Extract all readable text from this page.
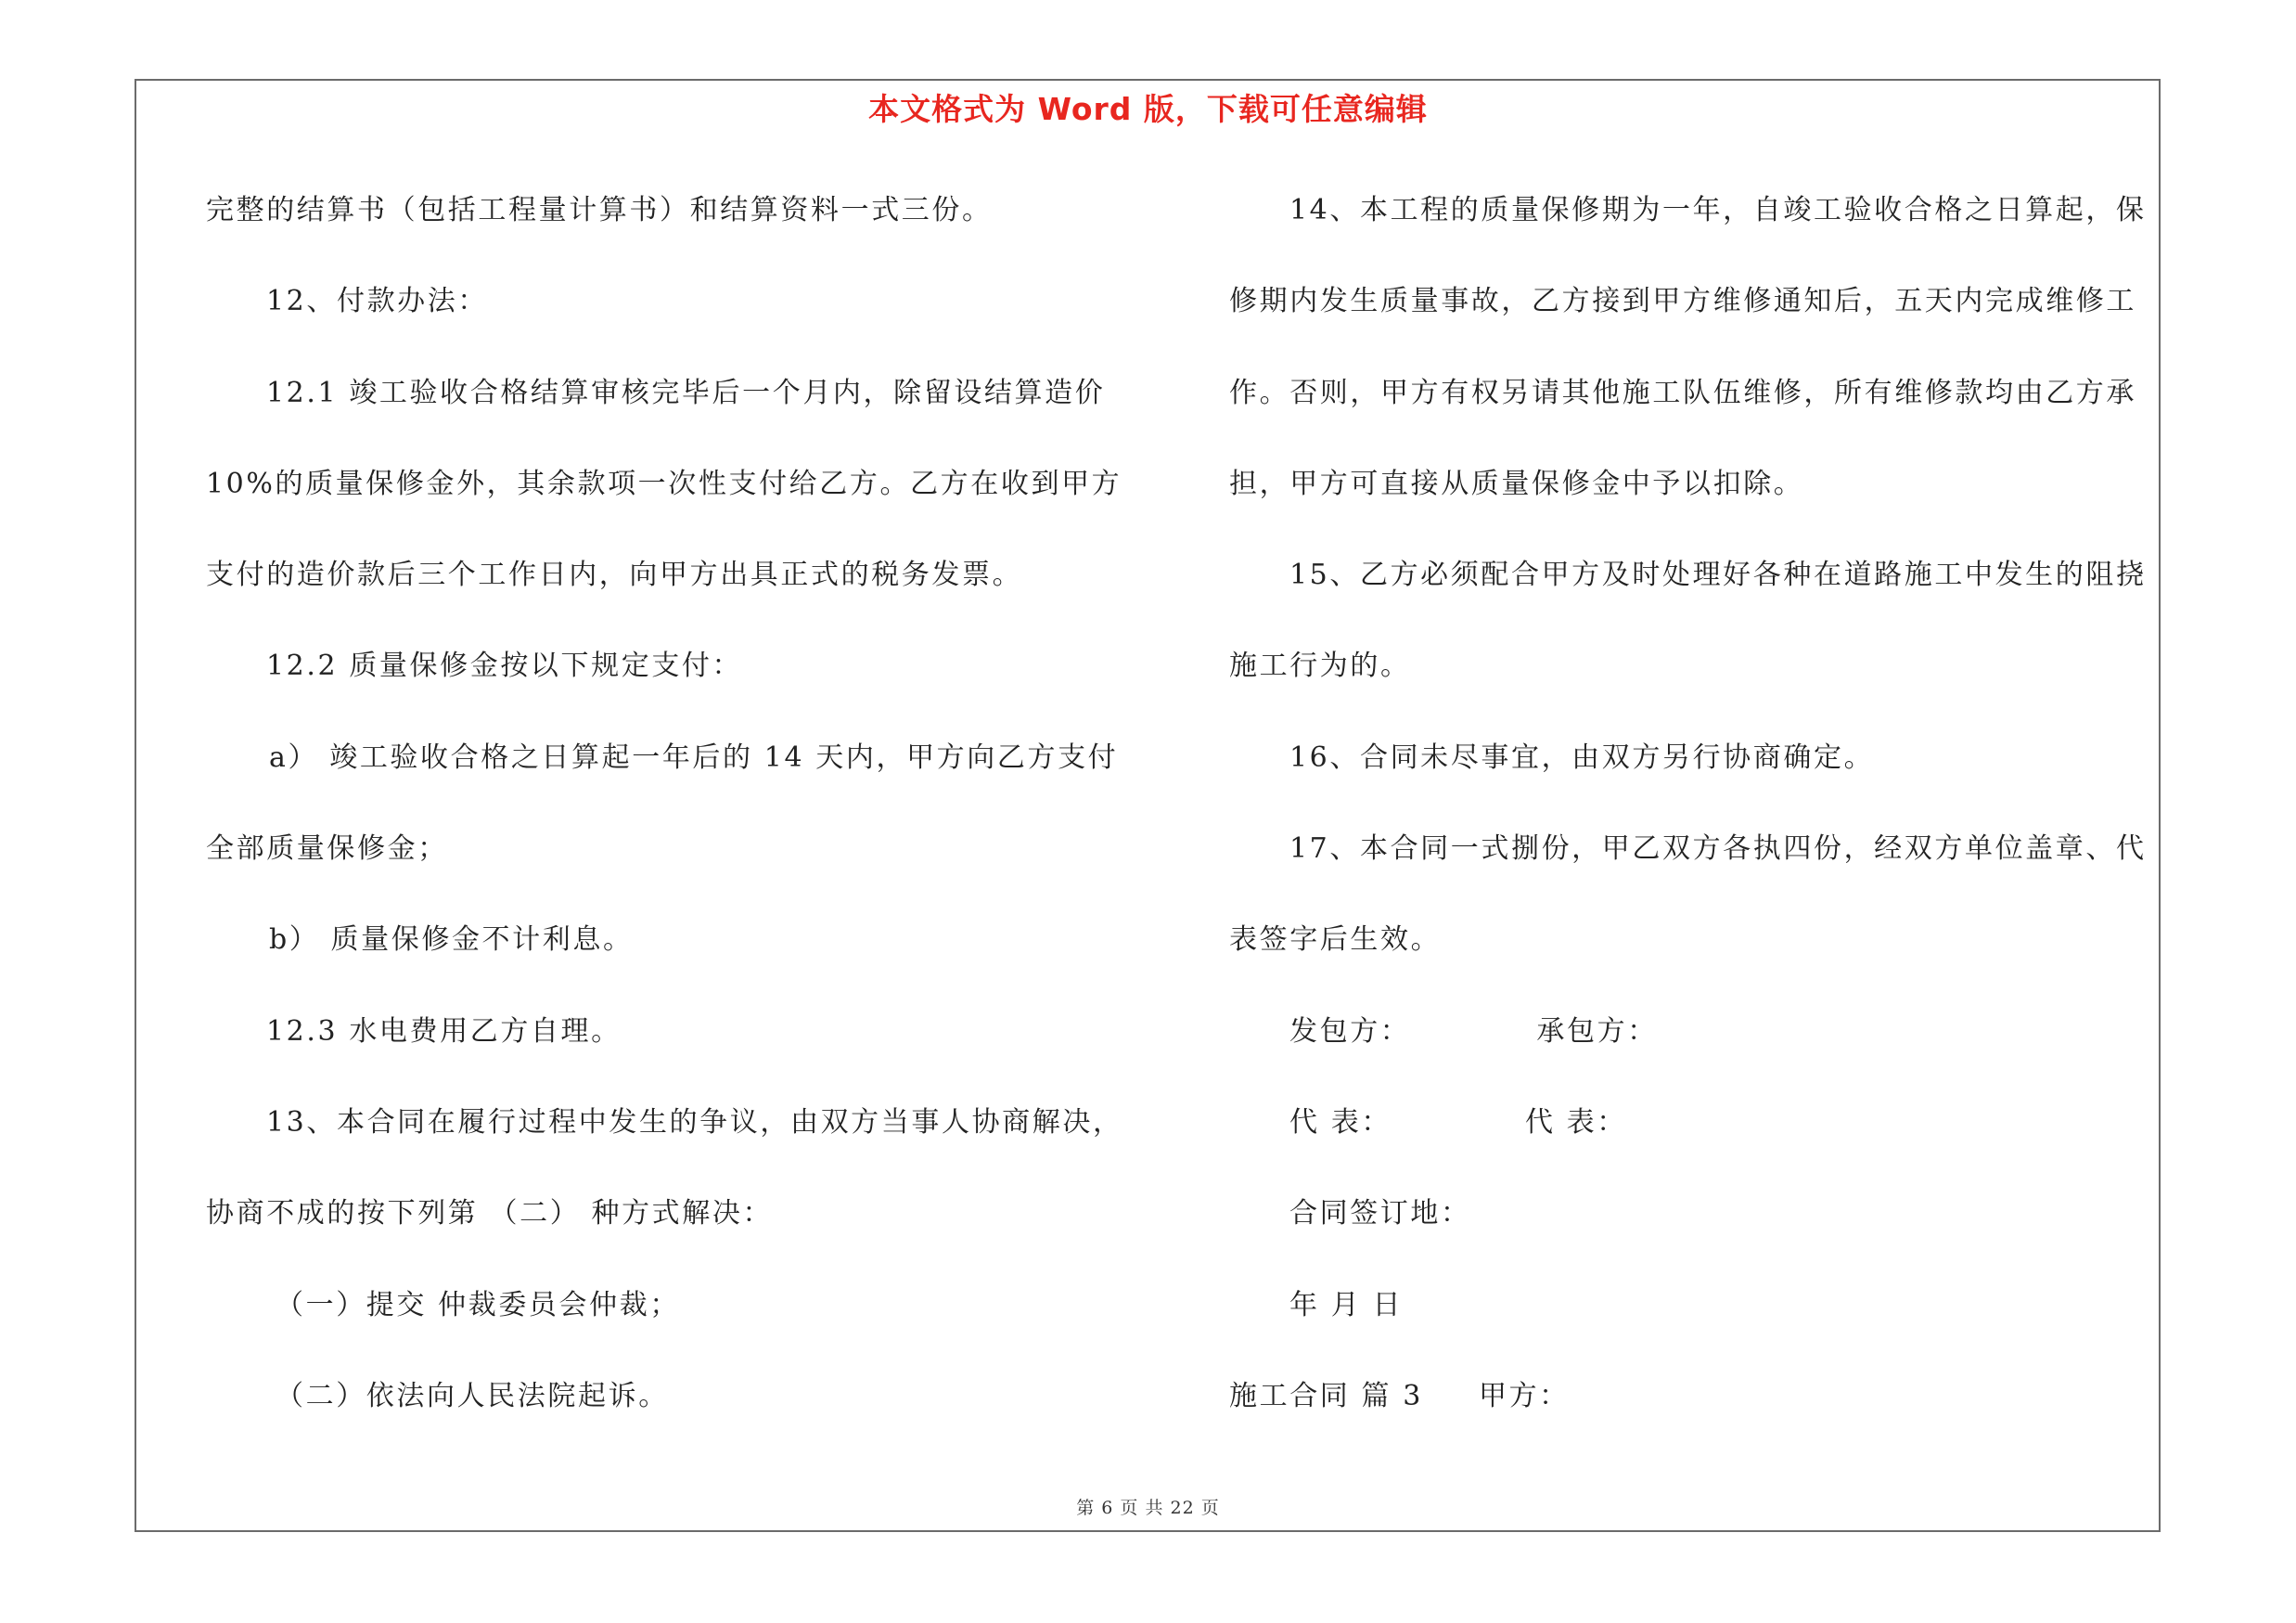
本文格式为 Word 版，下载可任意编辑
完整的结算书（包括工程量计算书）和结算资料一式三份。
12、付款办法：
12.1 竣工验收合格结算审核完毕后一个月内，除留设结算造价
10%的质量保修金外，其余款项一次性支付给乙方。乙方在收到甲方
支付的造价款后三个工作日内，向甲方出具正式的税务发票。
12.2 质量保修金按以下规定支付：
a） 竣工验收合格之日算起一年后的 14 天内，甲方向乙方支付
全部质量保修金；
b） 质量保修金不计利息。
12.3 水电费用乙方自理。
13、本合同在履行过程中发生的争议，由双方当事人协商解决，
协商不成的按下列第 （二） 种方式解决：
（一）提交 仲裁委员会仲裁；
（二）依法向人民法院起诉。
14、本工程的质量保修期为一年，自竣工验收合格之日算起，保
修期内发生质量事故，乙方接到甲方维修通知后，五天内完成维修工
作。否则，甲方有权另请其他施工队伍维修，所有维修款均由乙方承
担，甲方可直接从质量保修金中予以扣除。
15、乙方必须配合甲方及时处理好各种在道路施工中发生的阻挠
施工行为的。
16、合同未尽事宜，由双方另行协商确定。
17、本合同一式捌份，甲乙双方各执四份，经双方单位盖章、代
表签字后生效。
发包方：	承包方：
代 表：	代 表：
合同签订地：
年 月 日
施工合同 篇 3 甲方：
第 6 页 共 22 页
